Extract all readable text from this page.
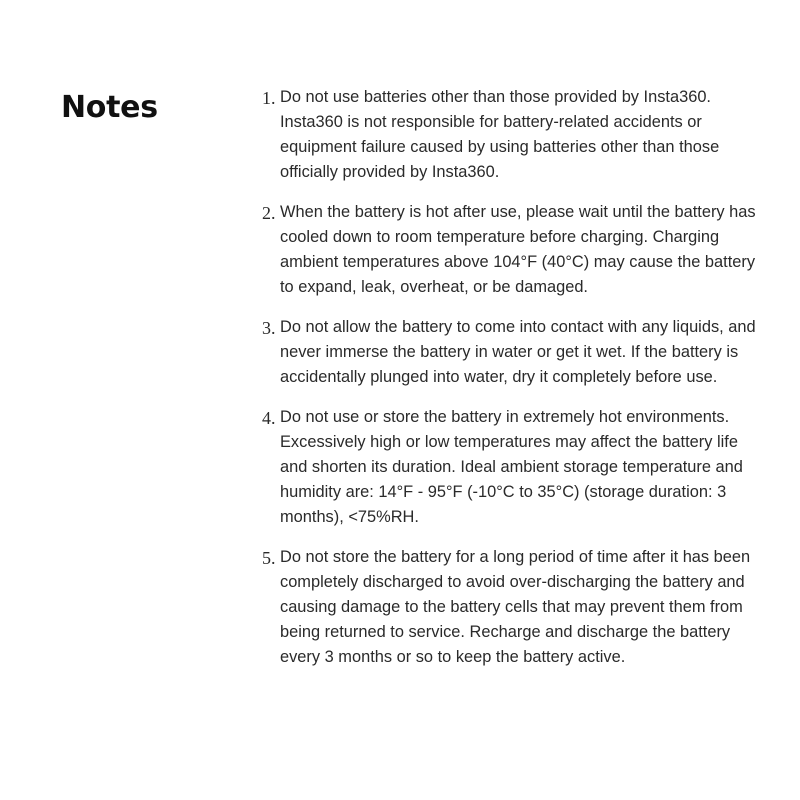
Notes	1. Do not use batteries other than those provided by Insta360. Insta360 is not responsible for battery-related accidents or equipment failure caused by using batteries other than those officially provided by Insta360.
2. When the battery is hot after use, please wait until the battery has cooled down to room temperature before charging. Charging ambient temperatures above 104°F (40°C) may cause the battery to expand, leak, overheat, or be damaged.
3. Do not allow the battery to come into contact with any liquids, and never immerse the battery in water or get it wet. If the battery is accidentally plunged into water, dry it completely before use.
4. Do not use or store the battery in extremely hot environments. Excessively high or low temperatures may affect the battery life and shorten its duration. Ideal ambient storage temperature and humidity are: 14°F - 95°F (-10°C to 35°C) (storage duration: 3 months), <75%RH.
5. Do not store the battery for a long period of time after it has been completely discharged to avoid over-discharging the battery and causing damage to the battery cells that may prevent them from being returned to service. Recharge and discharge the battery every 3 months or so to keep the battery active.
